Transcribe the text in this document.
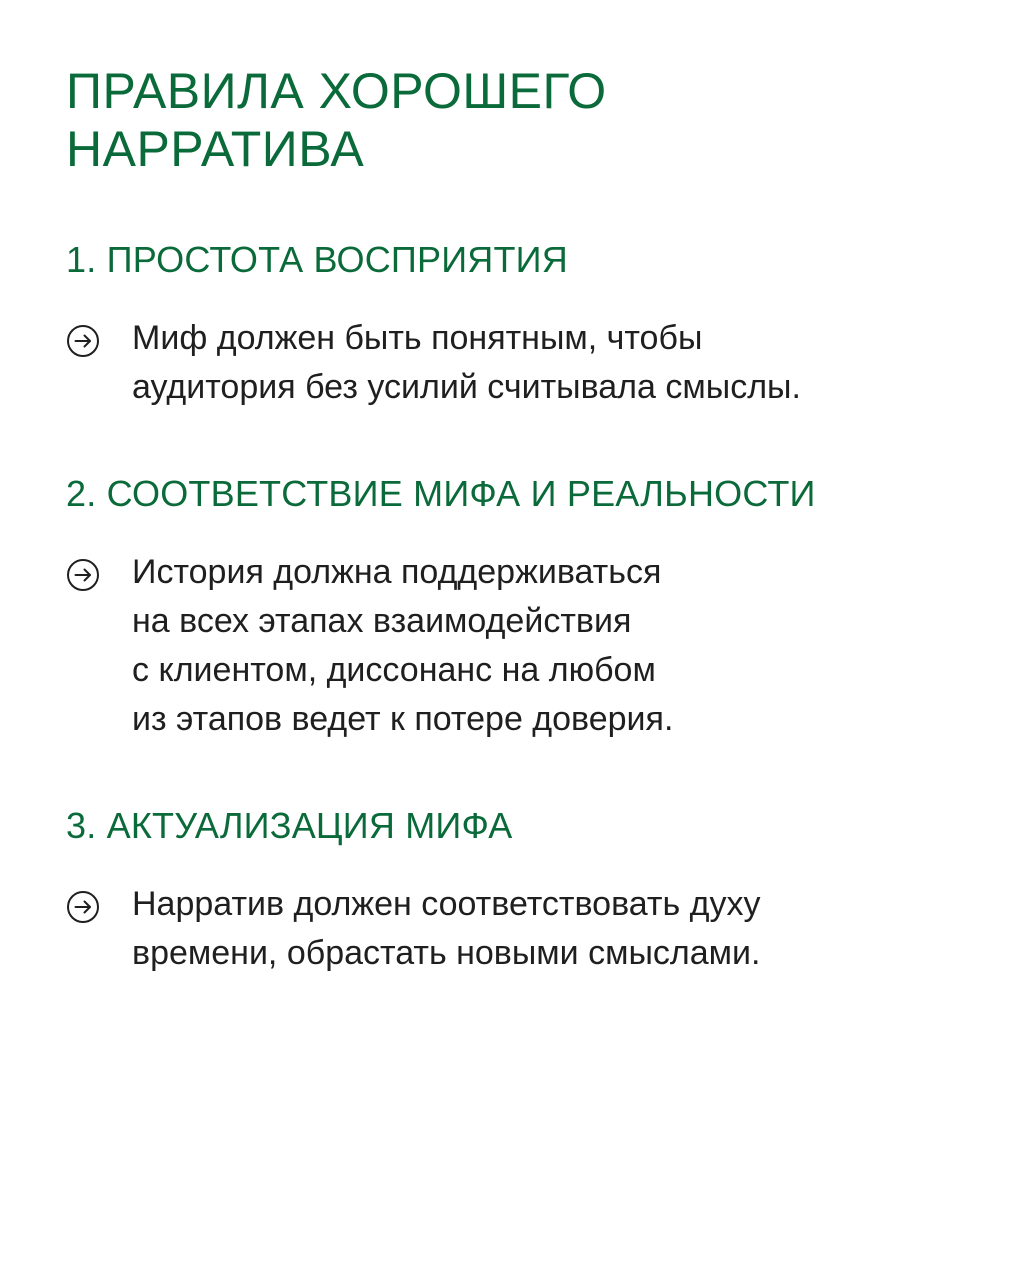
ПРАВИЛА ХОРОШЕГО
НАРРАТИВА
1. ПРОСТОТА ВОСПРИЯТИЯ
Миф должен быть понятным, чтобы
аудитория без усилий считывала смыслы.
2. СООТВЕТСТВИЕ МИФА И РЕАЛЬНОСТИ
История должна поддерживаться
на всех этапах взаимодействия
с клиентом, диссонанс на любом
из этапов ведет к потере доверия.
3. АКТУАЛИЗАЦИЯ МИФА
Нарратив должен соответствовать духу
времени, обрастать новыми смыслами.
